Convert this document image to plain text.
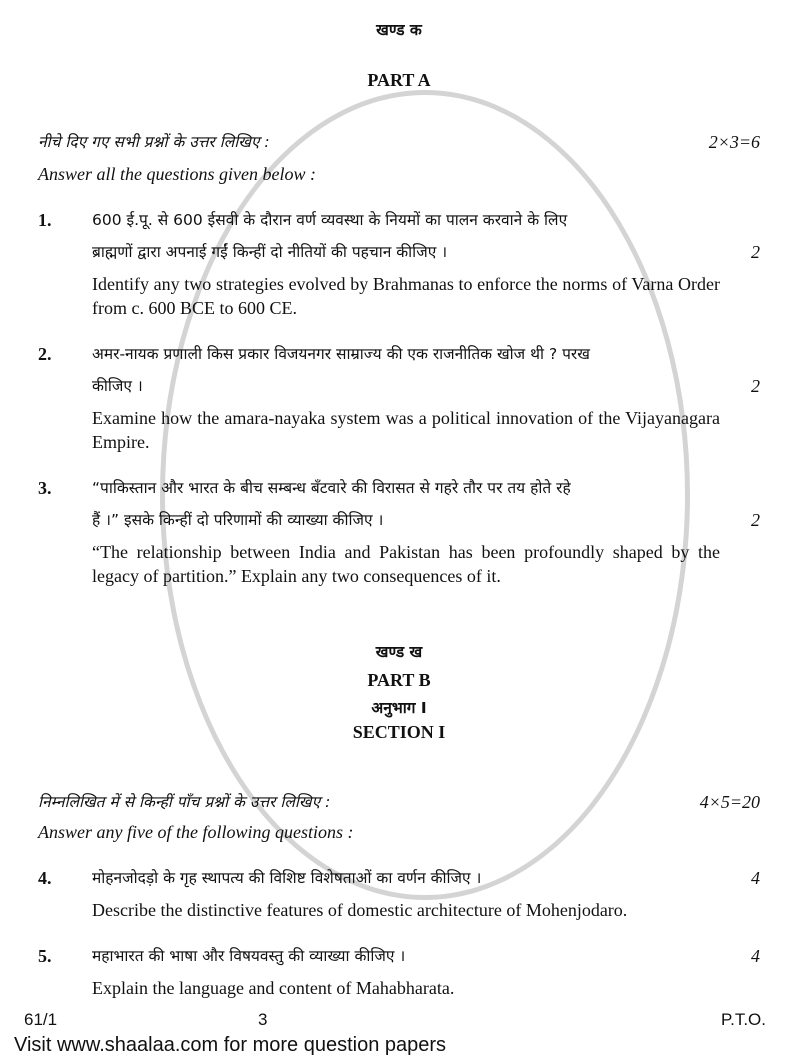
खण्ड क
PART A
नीचे दिए गए सभी प्रश्नों के उत्तर लिखिए :	2×3=6
Answer all the questions given below :
1.	600 ई.पू. से 600 ईसवी के दौरान वर्ण व्यवस्था के नियमों का पालन करवाने के लिए
ब्राह्मणों द्वारा अपनाई गईं किन्हीं दो नीतियों की पहचान कीजिए ।	2
Identify any two strategies evolved by Brahmanas to enforce the norms of Varna Order from c. 600 BCE to 600 CE.
2.	अमर-नायक प्रणाली किस प्रकार विजयनगर साम्राज्य की एक राजनीतिक खोज थी ? परख
कीजिए ।	2
Examine how the amara-nayaka system was a political innovation of the Vijayanagara Empire.
3.	“पाकिस्तान और भारत के बीच सम्बन्ध बँटवारे की विरासत से गहरे तौर पर तय होते रहे
हैं ।” इसके किन्हीं दो परिणामों की व्याख्या कीजिए ।	2
“The relationship between India and Pakistan has been profoundly shaped by the legacy of partition.” Explain any two consequences of it.
खण्ड ख
PART B
अनुभाग I
SECTION I
निम्नलिखित में से किन्हीं पाँच प्रश्नों के उत्तर लिखिए :	4×5=20
Answer any five of the following questions :
4.	मोहनजोदड़ो के गृह स्थापत्य की विशिष्ट विशेषताओं का वर्णन कीजिए ।	4
Describe the distinctive features of domestic architecture of Mohenjodaro.
5.	महाभारत की भाषा और विषयवस्तु की व्याख्या कीजिए ।	4
Explain the language and content of Mahabharata.
61/1	3	P.T.O.
Visit www.shaalaa.com for more question papers
